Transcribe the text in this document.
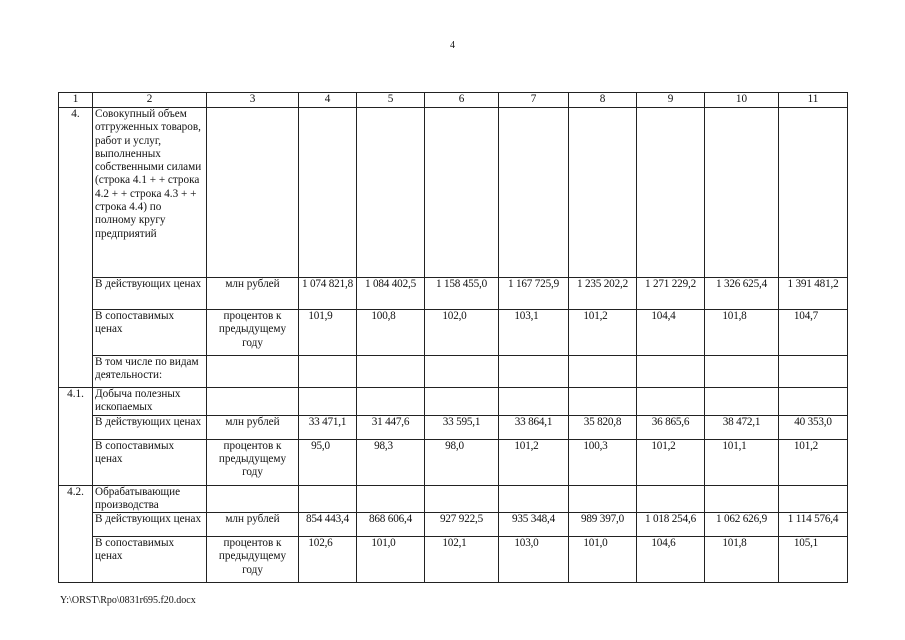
4
1	2	3	4	5	6	7	8	9	10	11
4.	Совокупный объем отгруженных товаров, работ и услуг, выполненных собственными силами (строка 4.1 + + строка 4.2 + + строка 4.3 + + строка 4.4) по полному кругу предприятий									
	В действующих ценах	млн рублей	1 074 821,8	1 084 402,5	1 158 455,0	1 167 725,9	1 235 202,2	1 271 229,2	1 326 625,4	1 391 481,2
	В сопоставимых ценах	процентов к предыдущему году	101,9	100,8	102,0	103,1	101,2	104,4	101,8	104,7
	В том числе по видам деятельности:									
4.1.	Добыча полезных ископаемых									
	В действующих ценах	млн рублей	33 471,1	31 447,6	33 595,1	33 864,1	35 820,8	36 865,6	38 472,1	40 353,0
	В сопоставимых ценах	процентов к предыдущему году	95,0	98,3	98,0	101,2	100,3	101,2	101,1	101,2
4.2.	Обрабатывающие производства									
	В действующих ценах	млн рублей	854 443,4	868 606,4	927 922,5	935 348,4	989 397,0	1 018 254,6	1 062 626,9	1 114 576,4
	В сопоставимых ценах	процентов к предыдущему году	102,6	101,0	102,1	103,0	101,0	104,6	101,8	105,1
Y:\ORST\Rpo\0831r695.f20.docx
